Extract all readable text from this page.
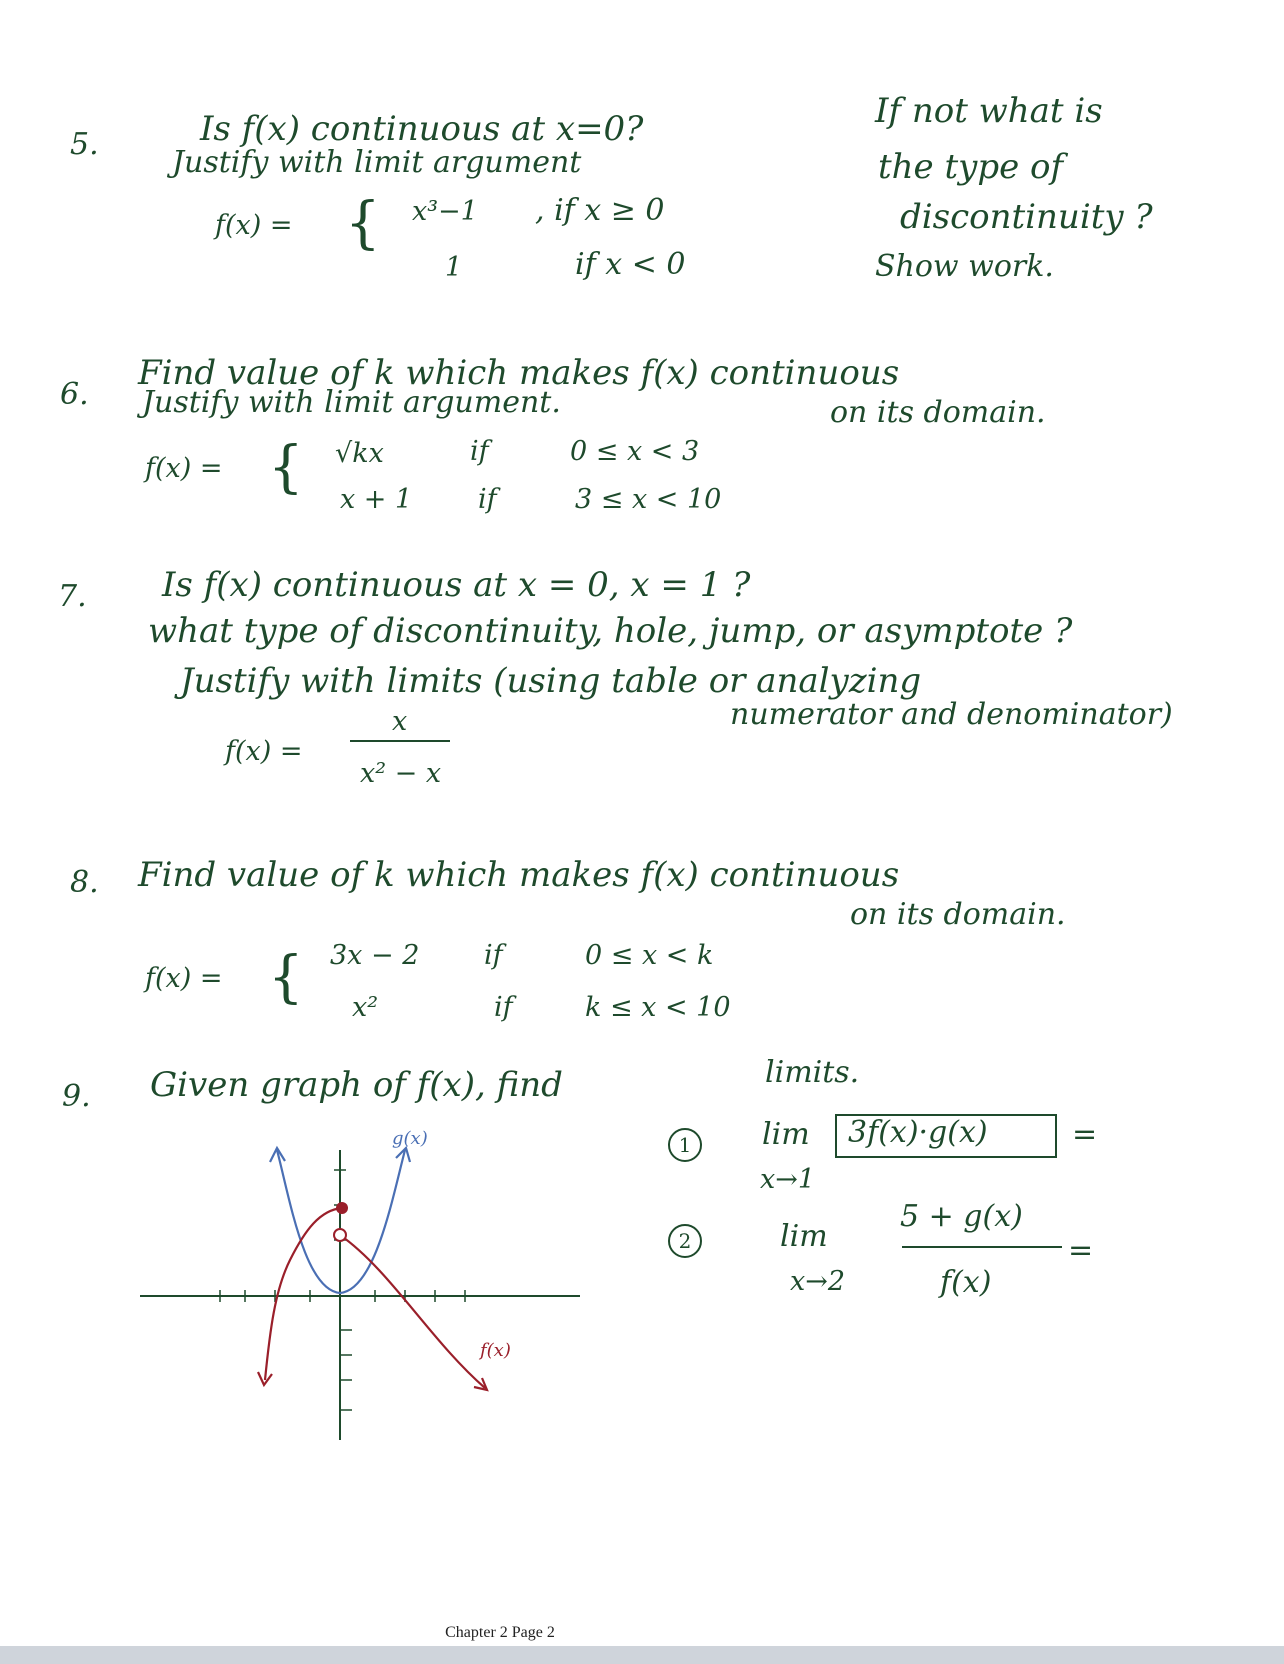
5.	Is f(x) continuous at x=0?	If not what is
Justify with limit argument	the type of
discontinuity ?
Show work.
f(x) = { x³−1 , if x ≥ 0
1	if x < 0
6.
Find value of k which makes f(x) continuous
Justify with limit argument.	on its domain.
f(x) = { √kx	if	0 ≤ x < 3
x + 1 if	3 ≤ x < 10
7. Is f(x) continuous at x = 0, x = 1 ?
what type of discontinuity, hole, jump, or asymptote ?
Justify with limits (using table or analyzing
numerator and denominator)
f(x) =
x
x² − x
8. Find value of k which makes f(x) continuous
on its domain.
f(x) = { 3x − 2 if	0 ≤ x < k
x²	if	k ≤ x < 10
9. Given graph of f(x), find	limits.
1	lim 3f(x)·g(x)	=
x→1
2	lim
x→2
5 + g(x)
f(x)
=
g(x)
f(x)
Chapter 2 Page 2
